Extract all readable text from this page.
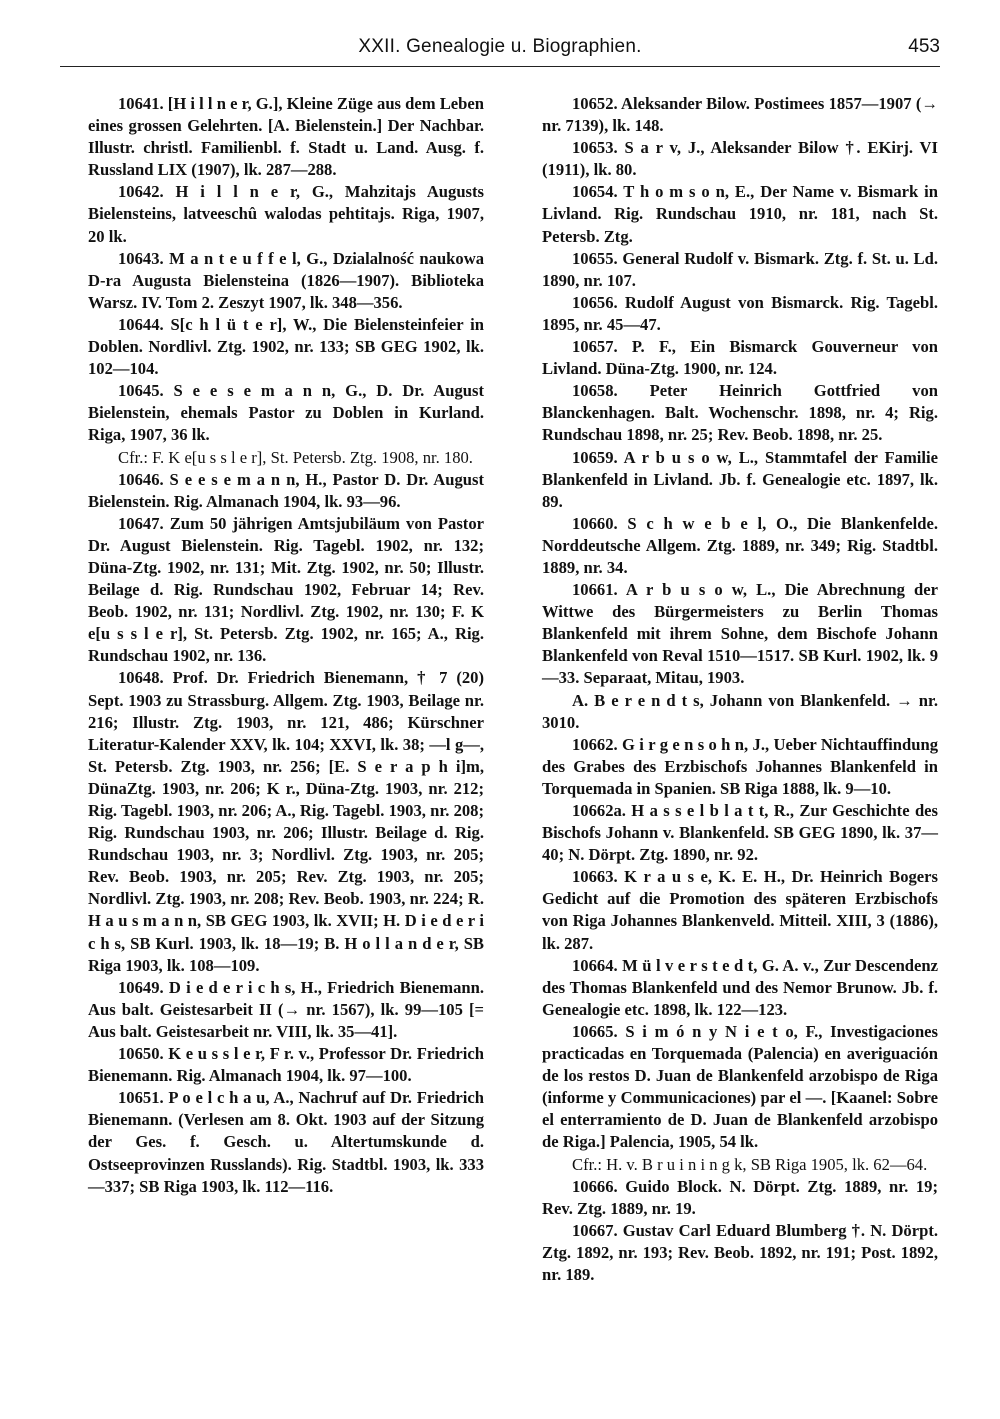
XXII. Genealogie u. Biographien.	453

10641. [H i l l n e r, G.], Kleine Züge aus dem Leben eines grossen Gelehrten. [A. Bielenstein.] Der Nachbar. Illustr. christl. Familienbl. f. Stadt u. Land. Ausg. f. Russland LIX (1907), lk. 287—288.

10642. H i l l n e r, G., Mahzitajs Augusts Bielensteins, latveeschû walodas pehtitajs. Riga, 1907, 20 lk.

10643. M a n t e u f f e l, G., Dzialalność naukowa D-ra Augusta Bielensteina (1826—1907). Biblioteka Warsz. IV. Tom 2. Zeszyt 1907, lk. 348—356.

10644. S[c h l ü t e r], W., Die Bielensteinfeier in Doblen. Nordlivl. Ztg. 1902, nr. 133; SB GEG 1902, lk. 102—104.

10645. S e e s e m a n n, G., D. Dr. August Bielenstein, ehemals Pastor zu Doblen in Kurland. Riga, 1907, 36 lk.

Cfr.: F. K e[u s s l e r], St. Petersb. Ztg. 1908, nr. 180.

10646. S e e s e m a n n, H., Pastor D. Dr. August Bielenstein. Rig. Almanach 1904, lk. 93—96.

10647. Zum 50 jährigen Amtsjubiläum von Pastor Dr. August Bielenstein. Rig. Tagebl. 1902, nr. 132; Düna-Ztg. 1902, nr. 131; Mit. Ztg. 1902, nr. 50; Illustr. Beilage d. Rig. Rundschau 1902, Februar 14; Rev. Beob. 1902, nr. 131; Nordlivl. Ztg. 1902, nr. 130; F. K e[u s s l e r], St. Petersb. Ztg. 1902, nr. 165; A., Rig. Rundschau 1902, nr. 136.

10648. Prof. Dr. Friedrich Bienemann, † 7 (20) Sept. 1903 zu Strassburg. Allgem. Ztg. 1903, Beilage nr. 216; Illustr. Ztg. 1903, nr. 121, 486; Kürschner Literatur-Kalender XXV, lk. 104; XXVI, lk. 38; —l g—, St. Petersb. Ztg. 1903, nr. 256; [E. S e r a p h i]m, DünaZtg. 1903, nr. 206; K r., Düna-Ztg. 1903, nr. 212; Rig. Tagebl. 1903, nr. 206; A., Rig. Tagebl. 1903, nr. 208; Rig. Rundschau 1903, nr. 206; Illustr. Beilage d. Rig. Rundschau 1903, nr. 3; Nordlivl. Ztg. 1903, nr. 205; Rev. Beob. 1903, nr. 205; Rev. Ztg. 1903, nr. 205; Nordlivl. Ztg. 1903, nr. 208; Rev. Beob. 1903, nr. 224; R. H a u s m a n n, SB GEG 1903, lk. XVII; H. D i e d e r i c h s, SB Kurl. 1903, lk. 18—19; B. H o l l a n d e r, SB Riga 1903, lk. 108—109.

10649. D i e d e r i c h s, H., Friedrich Bienemann. Aus balt. Geistesarbeit II (→ nr. 1567), lk. 99—105 [= Aus balt. Geistesarbeit nr. VIII, lk. 35—41].

10650. K e u s s l e r, F r. v., Professor Dr. Friedrich Bienemann. Rig. Almanach 1904, lk. 97—100.

10651. P o e l c h a u, A., Nachruf auf Dr. Friedrich Bienemann. (Verlesen am 8. Okt. 1903 auf der Sitzung der Ges. f. Gesch. u. Altertumskunde d. Ostseeprovinzen Russlands). Rig. Stadtbl. 1903, lk. 333—337; SB Riga 1903, lk. 112—116.

10652. Aleksander Bilow. Postimees 1857—1907 (→ nr. 7139), lk. 148.

10653. S a r v, J., Aleksander Bilow †. EKirj. VI (1911), lk. 80.

10654. T h o m s o n, E., Der Name v. Bismark in Livland. Rig. Rundschau 1910, nr. 181, nach St. Petersb. Ztg.

10655. General Rudolf v. Bismark. Ztg. f. St. u. Ld. 1890, nr. 107.

10656. Rudolf August von Bismarck. Rig. Tagebl. 1895, nr. 45—47.

10657. P. F., Ein Bismarck Gouverneur von Livland. Düna-Ztg. 1900, nr. 124.

10658. Peter Heinrich Gottfried von Blanckenhagen. Balt. Wochenschr. 1898, nr. 4; Rig. Rundschau 1898, nr. 25; Rev. Beob. 1898, nr. 25.

10659. A r b u s o w, L., Stammtafel der Familie Blankenfeld in Livland. Jb. f. Genealogie etc. 1897, lk. 89.

10660. S c h w e b e l, O., Die Blankenfelde. Norddeutsche Allgem. Ztg. 1889, nr. 349; Rig. Stadtbl. 1889, nr. 34.

10661. A r b u s o w, L., Die Abrechnung der Wittwe des Bürgermeisters zu Berlin Thomas Blankenfeld mit ihrem Sohne, dem Bischofe Johann Blankenfeld von Reval 1510—1517. SB Kurl. 1902, lk. 9—33. Separaat, Mitau, 1903.

A. B e r e n d t s, Johann von Blankenfeld. → nr. 3010.

10662. G i r g e n s o h n, J., Ueber Nichtauffindung des Grabes des Erzbischofs Johannes Blankenfeld in Torquemada in Spanien. SB Riga 1888, lk. 9—10.

10662a. H a s s e l b l a t t, R., Zur Geschichte des Bischofs Johann v. Blankenfeld. SB GEG 1890, lk. 37—40; N. Dörpt. Ztg. 1890, nr. 92.

10663. K r a u s e, K. E. H., Dr. Heinrich Bogers Gedicht auf die Promotion des späteren Erzbischofs von Riga Johannes Blankenveld. Mitteil. XIII, 3 (1886), lk. 287.

10664. M ü l v e r s t e d t, G. A. v., Zur Descendenz des Thomas Blankenfeld und des Nemor Brunow. Jb. f. Genealogie etc. 1898, lk. 122—123.

10665. S i m ó n y N i e t o, F., Investigaciones practicadas en Torquemada (Palencia) en averiguación de los restos D. Juan de Blankenfeld arzobispo de Riga (informe y Communicaciones) par el —. [Kaanel: Sobre el enterramiento de D. Juan de Blankenfeld arzobispo de Riga.] Palencia, 1905, 54 lk.

Cfr.: H. v. B r u i n i n g k, SB Riga 1905, lk. 62—64.

10666. Guido Block. N. Dörpt. Ztg. 1889, nr. 19; Rev. Ztg. 1889, nr. 19.

10667. Gustav Carl Eduard Blumberg †. N. Dörpt. Ztg. 1892, nr. 193; Rev. Beob. 1892, nr. 191; Post. 1892, nr. 189.
